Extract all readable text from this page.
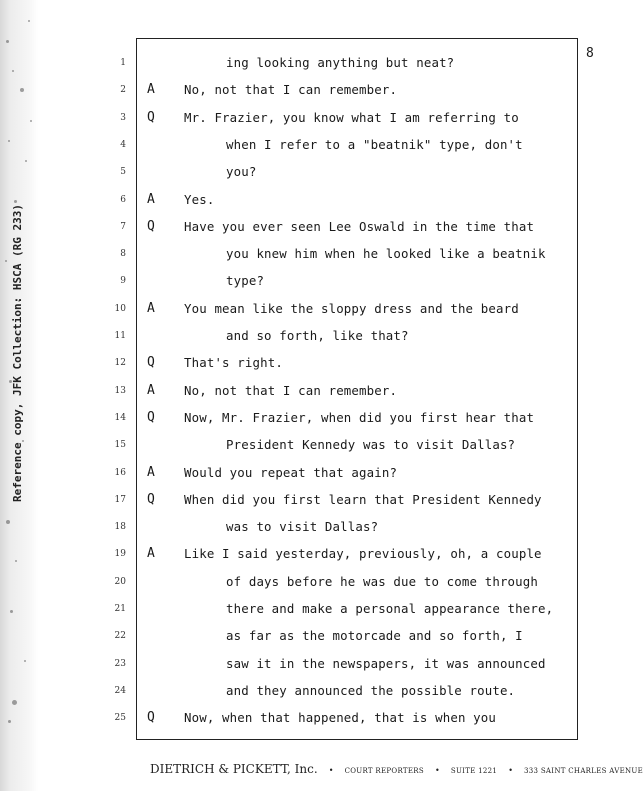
8
1	ing looking anything but neat?
2 A No, not that I can remember.
3 Q Mr. Frazier, you know what I am referring to
4	when I refer to a "beatnik" type, don't
5	you?
6 A Yes.
7 Q Have you ever seen Lee Oswald in the time that
8	you knew him when he looked like a beatnik
9	type?
10 A You mean like the sloppy dress and the beard
11	and so forth, like that?
12 Q That's right.
13 A No, not that I can remember.
14 Q Now, Mr. Frazier, when did you first hear that
15	President Kennedy was to visit Dallas?
16 A Would you repeat that again?
17 Q When did you first learn that President Kennedy
18	was to visit Dallas?
19 A Like I said yesterday, previously, oh, a couple
20	of days before he was due to come through
21	there and make a personal appearance there,
22	as far as the motorcade and so forth, I
23	saw it in the newspapers, it was announced
24	and they announced the possible route.
25 Q Now, when that happened, that is when you
DIETRICH & PICKETT, Inc. • COURT REPORTERS • SUITE 1221 • 333 SAINT CHARLES AVENUE
